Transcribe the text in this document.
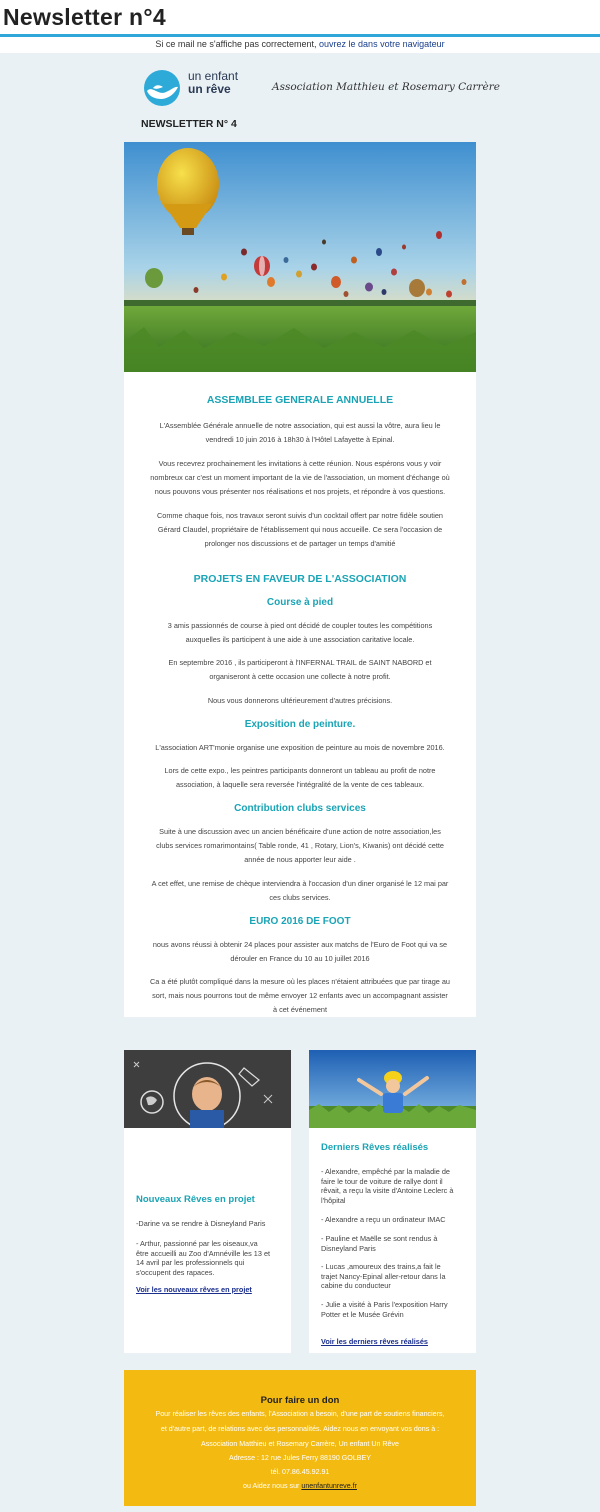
Newsletter n°4
Si ce mail ne s'affiche pas correctement, ouvrez le dans votre navigateur
un enfant
un rêve	Association Matthieu et Rosemary Carrère
NEWSLETTER N° 4
ASSEMBLEE GENERALE ANNUELLE
L'Assemblée Générale annuelle de notre association, qui est aussi la vôtre, aura lieu le
vendredi 10 juin 2016 à 18h30 à l'Hôtel Lafayette à Epinal.
Vous recevrez prochainement les invitations à cette réunion. Nous espérons vous y voir
nombreux car c'est un moment important de la vie de l'association, un moment d'échange où
nous pouvons vous présenter nos réalisations et nos projets, et répondre à vos questions.
Comme chaque fois, nos travaux seront suivis d'un cocktail offert par notre fidèle soutien
Gérard Claudel, propriétaire de l'établissement qui nous accueille. Ce sera l'occasion de
prolonger nos discussions et de partager un temps d'amitié
PROJETS EN FAVEUR DE L'ASSOCIATION
Course à pied
3 amis passionnés de course à pied ont décidé de coupler toutes les compétitions
auxquelles ils participent à une aide à une association caritative locale.
En septembre 2016 , ils participeront à l'INFERNAL TRAIL de SAINT NABORD et
organiseront à cette occasion une collecte à notre profit.
Nous vous donnerons ultérieurement d'autres précisions.
Exposition de peinture.
L'association ART'monie organise une exposition de peinture au mois de novembre 2016.
Lors de cette expo., les peintres participants donneront un tableau au profit de notre
association, à laquelle sera reversée l'intégralité de la vente de ces tableaux.
Contribution clubs services
Suite à une discussion avec un ancien bénéficaire d'une action de notre association,les
clubs services romarimontains( Table ronde, 41 , Rotary, Lion's, Kiwanis) ont décidé cette
année de nous apporter leur aide .
A cet effet, une remise de chèque interviendra à l'occasion d'un diner organisé le 12 mai par
ces clubs services.
EURO 2016 DE FOOT
nous avons réussi à obtenir 24 places pour assister aux matchs de l'Euro de Foot qui va se
dérouler en France du 10 au 10 juillet 2016
Ca a été plutôt compliqué dans la mesure où les places n'étaient attribuées que par tirage au
sort, mais nous pourrons tout de même envoyer 12 enfants avec un accompagnant assister
à cet événement
Nouveaux Rêves en projet
-Darine va se rendre à Disneyland Paris
- Arthur, passionné par les oiseaux,va
être accueilli au Zoo d'Amnéville les 13 et
14 avril par les professionnels qui
s'occupent des rapaces.
Voir les nouveaux rêves en projet
Derniers Rêves réalisés
- Alexandre, empêché par la maladie de
faire le tour de voiture de rallye dont il
rêvait, a reçu la visite d'Antoine Leclerc à
l'hôpital
- Alexandre a reçu un ordinateur IMAC
- Pauline et Maëlle se sont rendus à
Disneyland Paris
- Lucas ,amoureux des trains,a fait le
trajet Nancy-Epinal aller-retour dans la
cabine du conducteur
- Julie a visité à Paris l'exposition Harry
Potter et le Musée Grévin
Voir les derniers rêves réalisés
Pour faire un don
Pour réaliser les rêves des enfants, l'Association a besoin, d'une part de soutiens financiers,
et d'autre part, de relations avec des personnalités. Aidez nous en envoyant vos dons à :
Association Matthieu et Rosemary Carrère, Un enfant Un Rêve
Adresse : 12 rue Jules Ferry 88190 GOLBEY
tél. 07.86.45.92.91
ou Aidez nous sur unenfantunreve.fr
